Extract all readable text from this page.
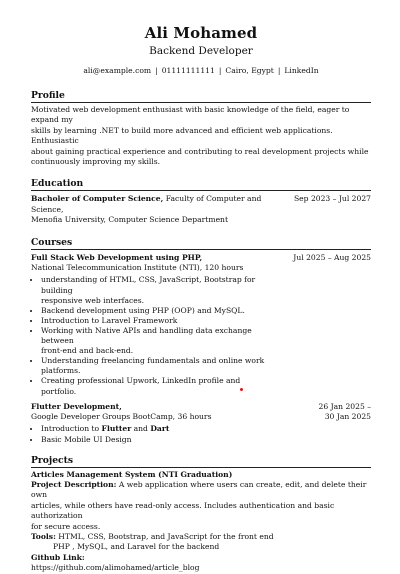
Ali Mohamed
Backend Developer
ali@example.com | 01111111111 | Cairo, Egypt | LinkedIn
Profile
Motivated web development enthusiast with basic knowledge of the field, eager to expand my
skills by learning .NET to build more advanced and efficient web applications. Enthusiastic
about gaining practical experience and contributing to real development projects while
continuously improving my skills.
Education
Bacholer of Computer Science, Faculty of Computer and Science,
Menofia University, Computer Science Department
Sep 2023 – Jul 2027
Courses
Full Stack Web Development using PHP,
National Telecommunication Institute (NTI), 120 hours
Jul 2025 – Aug 2025
• understanding of HTML, CSS, JavaScript, Bootstrap for building
responsive web interfaces.
• Backend development using PHP (OOP) and MySQL.
• Introduction to Laravel Framework
• Working with Native APIs and handling data exchange between
front-end and back-end.
• Understanding freelancing fundamentals and online work
platforms.
• Creating professional Upwork, LinkedIn profile and portfolio.
Flutter Development,
Google Developer Groups BootCamp, 36 hours
26 Jan 2025 –
30 Jan 2025
• Introduction to Flutter and Dart
• Basic Mobile UI Design
Projects
Articles Management System (NTI Graduation)
Project Description: A web application where users can create, edit, and delete their own
articles, while others have read-only access. Includes authentication and basic authorization
for secure access.
Tools: HTML, CSS, Bootstrap, and JavaScript for the front end
PHP , MySQL, and Laravel for the backend
Github Link:
https://github.com/alimohamed/article_blog
